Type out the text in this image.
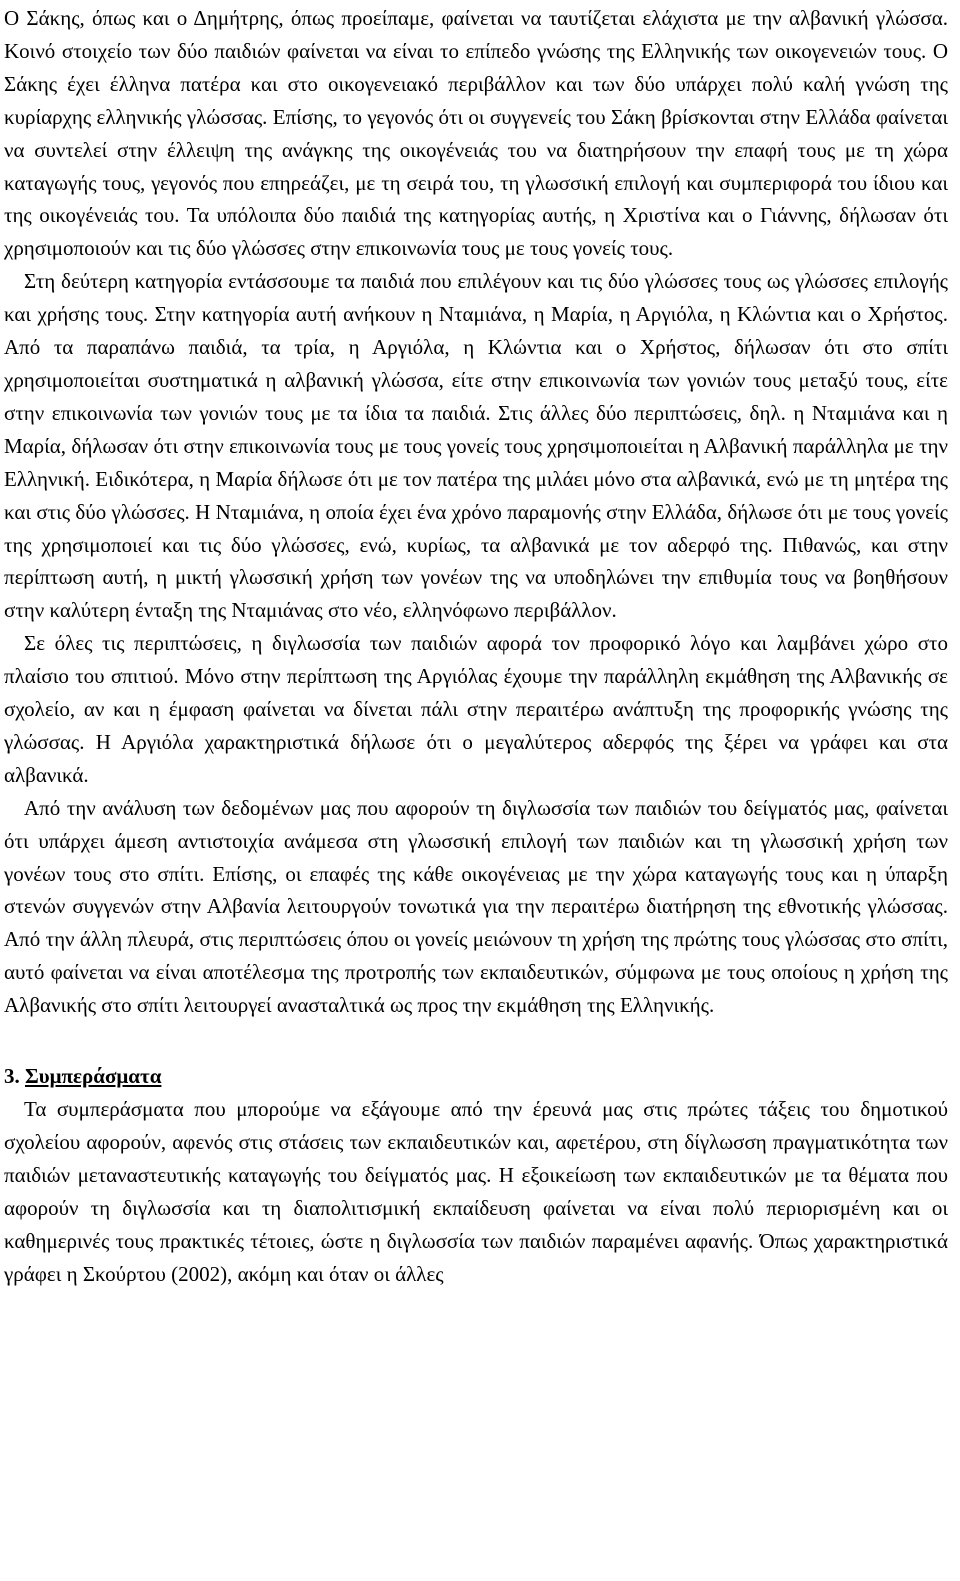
Ο Σάκης, όπως και ο Δημήτρης, όπως προείπαμε, φαίνεται να ταυτίζεται ελάχιστα με την αλβανική γλώσσα. Κοινό στοιχείο των δύο παιδιών φαίνεται να είναι το επίπεδο γνώσης της Ελληνικής των οικογενειών τους. Ο Σάκης έχει έλληνα πατέρα και στο οικογενειακό περιβάλλον και των δύο υπάρχει πολύ καλή γνώση της κυρίαρχης ελληνικής γλώσσας. Επίσης, το γεγονός ότι οι συγγενείς του Σάκη βρίσκονται στην Ελλάδα φαίνεται να συντελεί στην έλλειψη της ανάγκης της οικογένειάς του να διατηρήσουν την επαφή τους με τη χώρα καταγωγής τους, γεγονός που επηρεάζει, με τη σειρά του, τη γλωσσική επιλογή και συμπεριφορά του ίδιου και της οικογένειάς του. Τα υπόλοιπα δύο παιδιά της κατηγορίας αυτής, η Χριστίνα και ο Γιάννης, δήλωσαν ότι χρησιμοποιούν και τις δύο γλώσσες στην επικοινωνία τους με τους γονείς τους.

Στη δεύτερη κατηγορία εντάσσουμε τα παιδιά που επιλέγουν και τις δύο γλώσσες τους ως γλώσσες επιλογής και χρήσης τους. Στην κατηγορία αυτή ανήκουν η Νταμιάνα, η Μαρία, η Αργιόλα, η Κλώντια και ο Χρήστος. Από τα παραπάνω παιδιά, τα τρία, η Αργιόλα, η Κλώντια και ο Χρήστος, δήλωσαν ότι στο σπίτι χρησιμοποιείται συστηματικά η αλβανική γλώσσα, είτε στην επικοινωνία των γονιών τους μεταξύ τους, είτε στην επικοινωνία των γονιών τους με τα ίδια τα παιδιά. Στις άλλες δύο περιπτώσεις, δηλ. η Νταμιάνα και η Μαρία, δήλωσαν ότι στην επικοινωνία τους με τους γονείς τους χρησιμοποιείται η Αλβανική παράλληλα με την Ελληνική. Ειδικότερα, η Μαρία δήλωσε ότι με τον πατέρα της μιλάει μόνο στα αλβανικά, ενώ με τη μητέρα της και στις δύο γλώσσες. Η Νταμιάνα, η οποία έχει ένα χρόνο παραμονής στην Ελλάδα, δήλωσε ότι με τους γονείς της χρησιμοποιεί και τις δύο γλώσσες, ενώ, κυρίως, τα αλβανικά με τον αδερφό της. Πιθανώς, και στην περίπτωση αυτή, η μικτή γλωσσική χρήση των γονέων της να υποδηλώνει την επιθυμία τους να βοηθήσουν στην καλύτερη ένταξη της Νταμιάνας στο νέο, ελληνόφωνο περιβάλλον.

Σε όλες τις περιπτώσεις, η διγλωσσία των παιδιών αφορά τον προφορικό λόγο και λαμβάνει χώρο στο πλαίσιο του σπιτιού. Μόνο στην περίπτωση της Αργιόλας έχουμε την παράλληλη εκμάθηση της Αλβανικής σε σχολείο, αν και η έμφαση φαίνεται να δίνεται πάλι στην περαιτέρω ανάπτυξη της προφορικής γνώσης της γλώσσας. Η Αργιόλα χαρακτηριστικά δήλωσε ότι ο μεγαλύτερος αδερφός της ξέρει να γράφει και στα αλβανικά.

Από την ανάλυση των δεδομένων μας που αφορούν τη διγλωσσία των παιδιών του δείγματός μας, φαίνεται ότι υπάρχει άμεση αντιστοιχία ανάμεσα στη γλωσσική επιλογή των παιδιών και τη γλωσσική χρήση των γονέων τους στο σπίτι. Επίσης, οι επαφές της κάθε οικογένειας με την χώρα καταγωγής τους και η ύπαρξη στενών συγγενών στην Αλβανία λειτουργούν τονωτικά για την περαιτέρω διατήρηση της εθνοτικής γλώσσας. Από την άλλη πλευρά, στις περιπτώσεις όπου οι γονείς μειώνουν τη χρήση της πρώτης τους γλώσσας στο σπίτι, αυτό φαίνεται να είναι αποτέλεσμα της προτροπής των εκπαιδευτικών, σύμφωνα με τους οποίους η χρήση της Αλβανικής στο σπίτι λειτουργεί ανασταλτικά ως προς την εκμάθηση της Ελληνικής.

3. Συμπεράσματα

Τα συμπεράσματα που μπορούμε να εξάγουμε από την έρευνά μας στις πρώτες τάξεις του δημοτικού σχολείου αφορούν, αφενός στις στάσεις των εκπαιδευτικών και, αφετέρου, στη δίγλωσση πραγματικότητα των παιδιών μεταναστευτικής καταγωγής του δείγματός μας. Η εξοικείωση των εκπαιδευτικών με τα θέματα που αφορούν τη διγλωσσία και τη διαπολιτισμική εκπαίδευση φαίνεται να είναι πολύ περιορισμένη και οι καθημερινές τους πρακτικές τέτοιες, ώστε η διγλωσσία των παιδιών παραμένει αφανής. Όπως χαρακτηριστικά γράφει η Σκούρτου (2002), ακόμη και όταν οι άλλες
